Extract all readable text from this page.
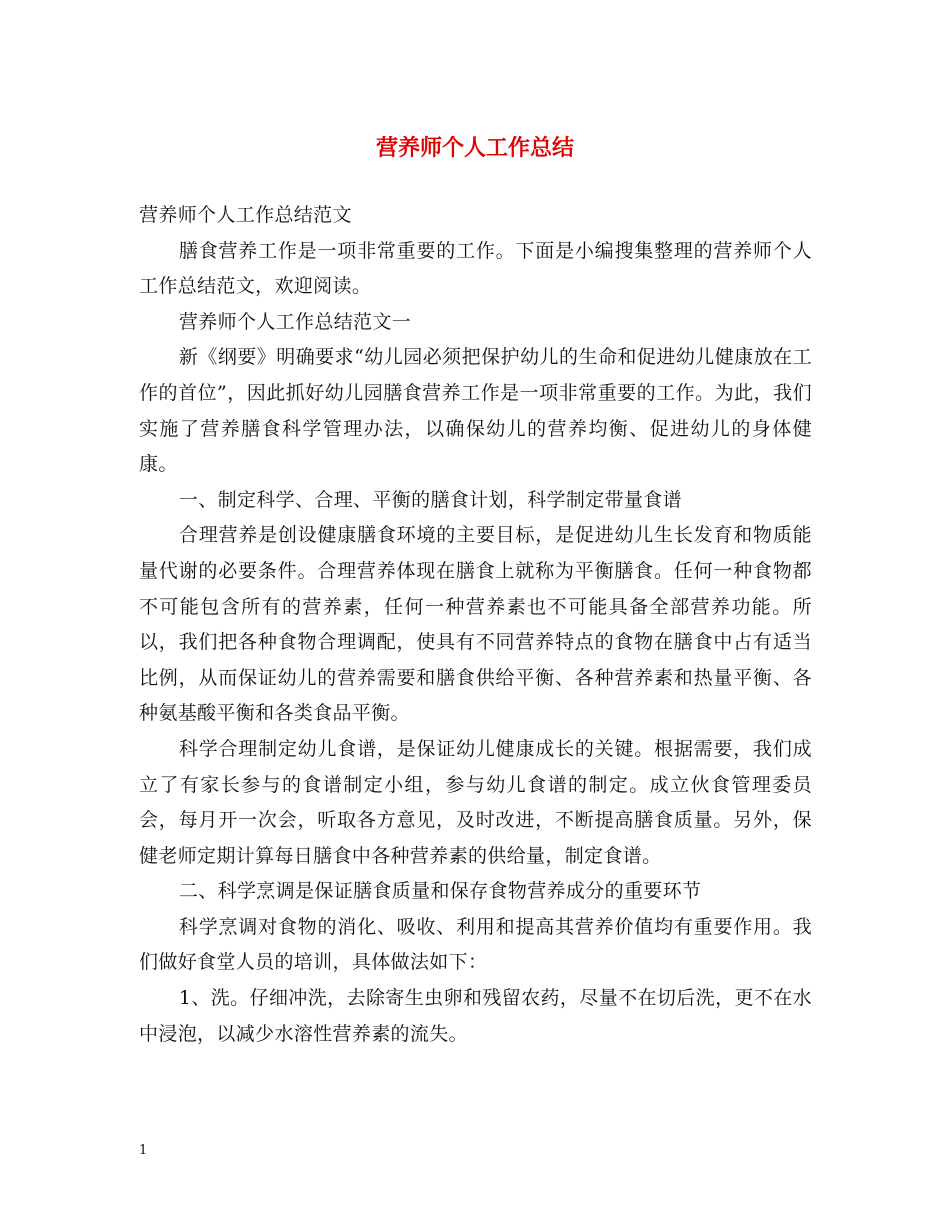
营养师个人工作总结

营养师个人工作总结范文

膳食营养工作是一项非常重要的工作。下面是小编搜集整理的营养师个人工作总结范文，欢迎阅读。

营养师个人工作总结范文一

新《纲要》明确要求“幼儿园必须把保护幼儿的生命和促进幼儿健康放在工作的首位”，因此抓好幼儿园膳食营养工作是一项非常重要的工作。为此，我们实施了营养膳食科学管理办法，以确保幼儿的营养均衡、促进幼儿的身体健康。

一、制定科学、合理、平衡的膳食计划，科学制定带量食谱

合理营养是创设健康膳食环境的主要目标，是促进幼儿生长发育和物质能量代谢的必要条件。合理营养体现在膳食上就称为平衡膳食。任何一种食物都不可能包含所有的营养素，任何一种营养素也不可能具备全部营养功能。所以，我们把各种食物合理调配，使具有不同营养特点的食物在膳食中占有适当比例，从而保证幼儿的营养需要和膳食供给平衡、各种营养素和热量平衡、各种氨基酸平衡和各类食品平衡。

科学合理制定幼儿食谱，是保证幼儿健康成长的关键。根据需要，我们成立了有家长参与的食谱制定小组，参与幼儿食谱的制定。成立伙食管理委员会，每月开一次会，听取各方意见，及时改进，不断提高膳食质量。另外，保健老师定期计算每日膳食中各种营养素的供给量，制定食谱。

二、科学烹调是保证膳食质量和保存食物营养成分的重要环节

科学烹调对食物的消化、吸收、利用和提高其营养价值均有重要作用。我们做好食堂人员的培训，具体做法如下：

1、洗。仔细冲洗，去除寄生虫卵和残留农药，尽量不在切后洗，更不在水中浸泡，以减少水溶性营养素的流失。

1
